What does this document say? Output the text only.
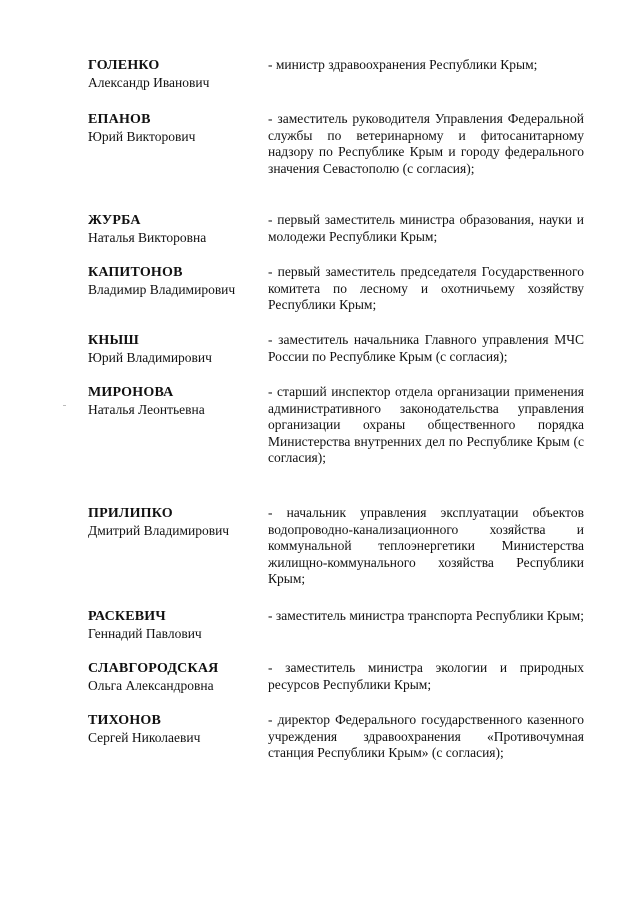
ГОЛЕНКО
Александр Иванович
- министр здравоохранения Республики Крым;
ЕПАНОВ
Юрий Викторович
- заместитель руководителя Управления Федеральной службы по ветеринарному и фитосанитарному надзору по Республике Крым и городу федерального значения Севастополю (с согласия);
ЖУРБА
Наталья Викторовна
- первый заместитель министра образования, науки и молодежи Республики Крым;
КАПИТОНОВ
Владимир Владимирович
- первый заместитель председателя Государственного комитета по лесному и охотничьему хозяйству Республики Крым;
КНЫШ
Юрий Владимирович
- заместитель начальника Главного управления МЧС России по Республике Крым (с согласия);
МИРОНОВА
Наталья Леонтьевна
- старший инспектор отдела организации применения административного законодательства управления организации охраны общественного порядка Министерства внутренних дел по Республике Крым (с согласия);
ПРИЛИПКО
Дмитрий Владимирович
- начальник управления эксплуатации объектов водопроводно-канализационного хозяйства и коммунальной теплоэнергетики Министерства жилищно-коммунального хозяйства Республики Крым;
РАСКЕВИЧ
Геннадий Павлович
- заместитель министра транспорта Республики Крым;
СЛАВГОРОДСКАЯ
Ольга Александровна
- заместитель министра экологии и природных ресурсов Республики Крым;
ТИХОНОВ
Сергей Николаевич
- директор Федерального государственного казенного учреждения здравоохранения «Противочумная станция Республики Крым» (с согласия);
